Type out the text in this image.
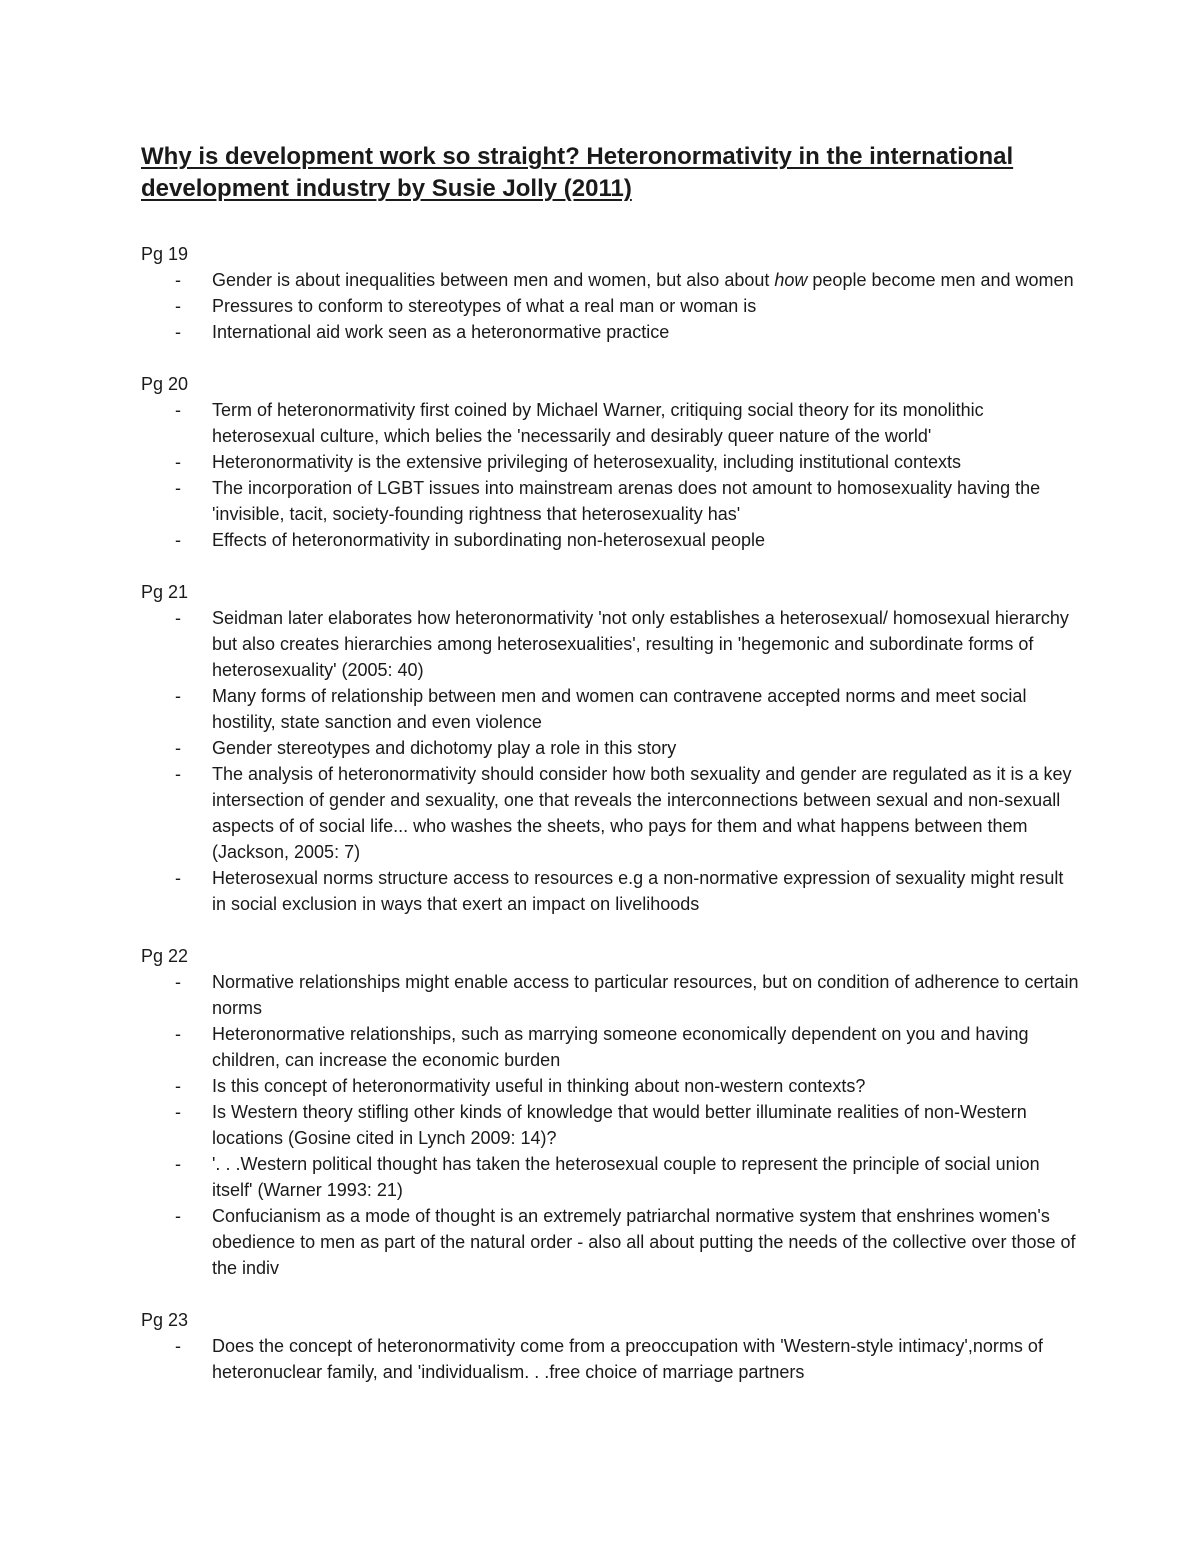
Why is development work so straight? Heteronormativity in the international development industry by Susie Jolly (2011)

Pg 19

- Gender is about inequalities between men and women, but also about how people become men and women
- Pressures to conform to stereotypes of what a real man or woman is
- International aid work seen as a heteronormative practice

Pg 20

- Term of heteronormativity first coined by Michael Warner, critiquing social theory for its monolithic heterosexual culture, which belies the 'necessarily and desirably queer nature of the world'
- Heteronormativity is the extensive privileging of heterosexuality, including institutional contexts
- The incorporation of LGBT issues into mainstream arenas does not amount to homosexuality having the 'invisible, tacit, society-founding rightness that heterosexuality has'
- Effects of heteronormativity in subordinating non-heterosexual people

Pg 21

- Seidman later elaborates how heteronormativity 'not only establishes a heterosexual/ homosexual hierarchy but also creates hierarchies among heterosexualities', resulting in 'hegemonic and subordinate forms of heterosexuality' (2005: 40)
- Many forms of relationship between men and women can contravene accepted norms and meet social hostility, state sanction and even violence
- Gender stereotypes and dichotomy play a role in this story
- The analysis of heteronormativity should consider how both sexuality and gender are regulated as it is a key intersection of gender and sexuality, one that reveals the interconnections between sexual and non-sexuall aspects of of social life... who washes the sheets, who pays for them and what happens between them (Jackson, 2005: 7)
- Heterosexual norms structure access to resources e.g a non-normative expression of sexuality might result in social exclusion in ways that exert an impact on livelihoods

Pg 22

- Normative relationships might enable access to particular resources, but on condition of adherence to certain norms
- Heteronormative relationships, such as marrying someone economically dependent on you and having children, can increase the economic burden
- Is this concept of heteronormativity useful in thinking about non-western contexts?
- Is Western theory stifling other kinds of knowledge that would better illuminate realities of non-Western locations (Gosine cited in Lynch 2009: 14)?
- '. . .Western political thought has taken the heterosexual couple to represent the principle of social union itself' (Warner 1993: 21)
- Confucianism as a mode of thought is an extremely patriarchal normative system that enshrines women's obedience to men as part of the natural order - also all about putting the needs of the collective over those of the indiv

Pg 23

- Does the concept of heteronormativity come from a preoccupation with 'Western-style intimacy',norms of heteronuclear family, and 'individualism. . .free choice of marriage partners
